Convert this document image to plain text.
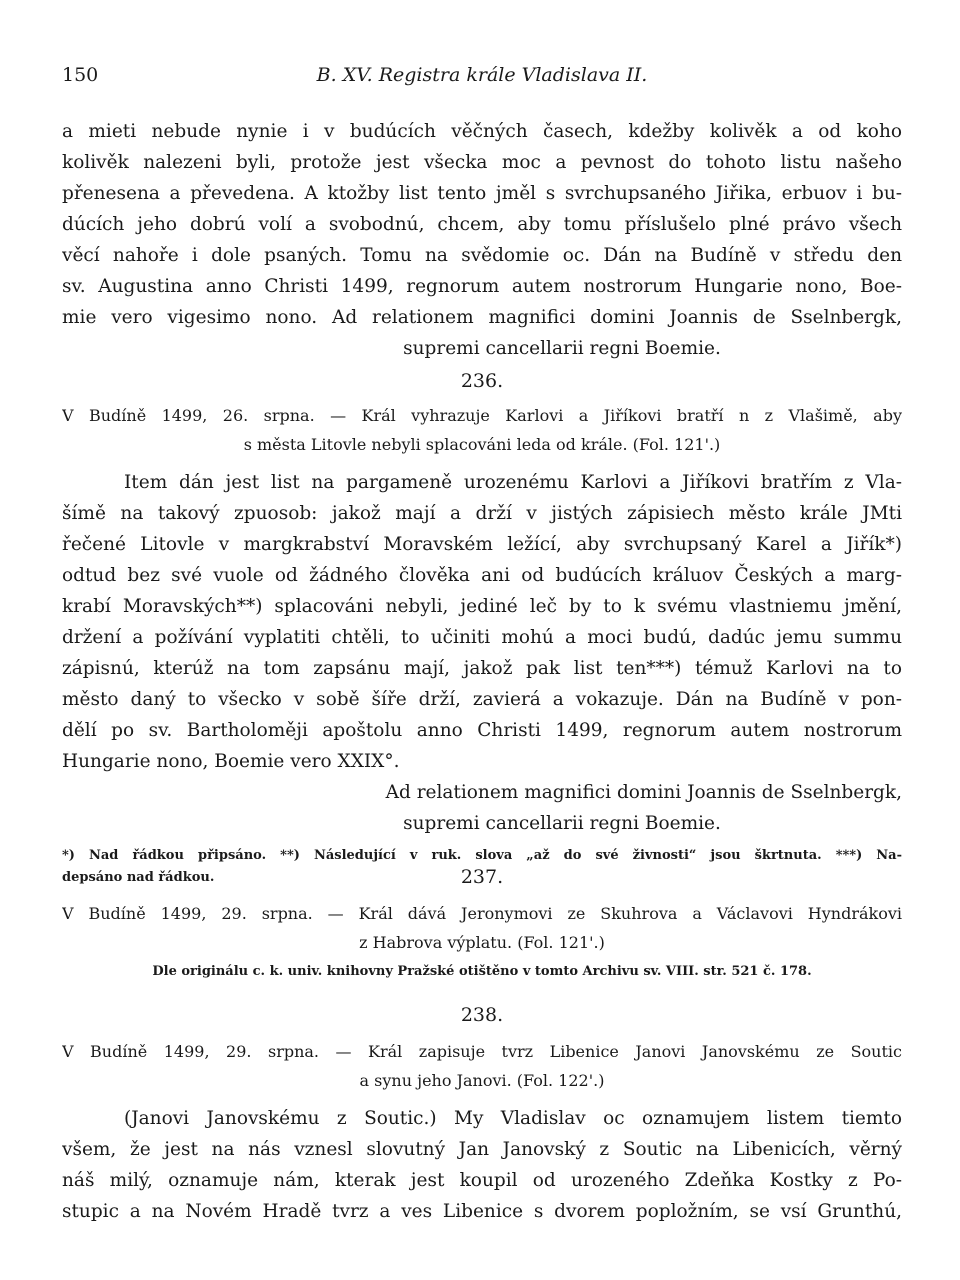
150	B. XV. Registra krále Vladislava II.
a mieti nebude nynie i v budúcích věčných časech, kdežby kolivěk a od koho
kolivěk nalezeni byli, protože jest všecka moc a pevnost do tohoto listu našeho
přenesena a převedena. A ktožby list tento jměl s svrchupsaného Jiřika, erbuov i bu-
dúcích jeho dobrú volí a svobodnú, chcem, aby tomu příslušelo plné právo všech
věcí nahoře i dole psaných. Tomu na svědomie oc. Dán na Budíně v středu den
sv. Augustina anno Christi 1499, regnorum autem nostrorum Hungarie nono, Boe-
mie vero vigesimo nono. Ad relationem magnifici domini Joannis de Sselnbergk,
supremi cancellarii regni Boemie.
236.
V Budíně 1499, 26. srpna. — Král vyhrazuje Karlovi a Jiříkovi bratří n z Vlašimě, aby
s města Litovle nebyli splacováni leda od krále. (Fol. 121'.)
Item dán jest list na pargameně urozenému Karlovi a Jiříkovi bratřím z Vla-
šímě na takový zpuosob: jakož mají a drží v jistých zápisiech město krále JMti
řečené Litovle v margkrabství Moravském ležící, aby svrchupsaný Karel a Jiřík*)
odtud bez své vuole od žádného člověka ani od budúcích králuov Českých a marg-
krabí Moravských**) splacováni nebyli, jediné leč by to k svému vlastniemu jmění,
držení a požívání vyplatiti chtěli, to učiniti mohú a moci budú, dadúc jemu summu
zápisnú, kterúž na tom zapsánu mají, jakož pak list ten***) témuž Karlovi na to
město daný to všecko v sobě šíře drží, zavierá a vokazuje. Dán na Budíně v pon-
dělí po sv. Bartholoměji apoštolu anno Christi 1499, regnorum autem nostrorum
Hungarie nono, Boemie vero XXIX°.
Ad relationem magnifici domini Joannis de Sselnbergk,
supremi cancellarii regni Boemie.
*) Nad řádkou připsáno. **) Následující v ruk. slova „až do své živnosti“ jsou škrtnuta. ***) Na-
depsáno nad řádkou.	237.
V Budíně 1499, 29. srpna. — Král dává Jeronymovi ze Skuhrova a Václavovi Hyndrákovi
z Habrova výplatu. (Fol. 121'.)
Dle originálu c. k. univ. knihovny Pražské otištěno v tomto Archivu sv. VIII. str. 521 č. 178.
238.
V Budíně 1499, 29. srpna. — Král zapisuje tvrz Libenice Janovi Janovskému ze Soutic
a synu jeho Janovi. (Fol. 122'.)
(Janovi Janovskému z Soutic.) My Vladislav oc oznamujem listem tiemto
všem, že jest na nás vznesl slovutný Jan Janovský z Soutic na Libenicích, věrný
náš milý, oznamuje nám, kterak jest koupil od urozeného Zdeňka Kostky z Po-
stupic a na Novém Hradě tvrz a ves Libenice s dvorem popložním, se vsí Grunthú,
